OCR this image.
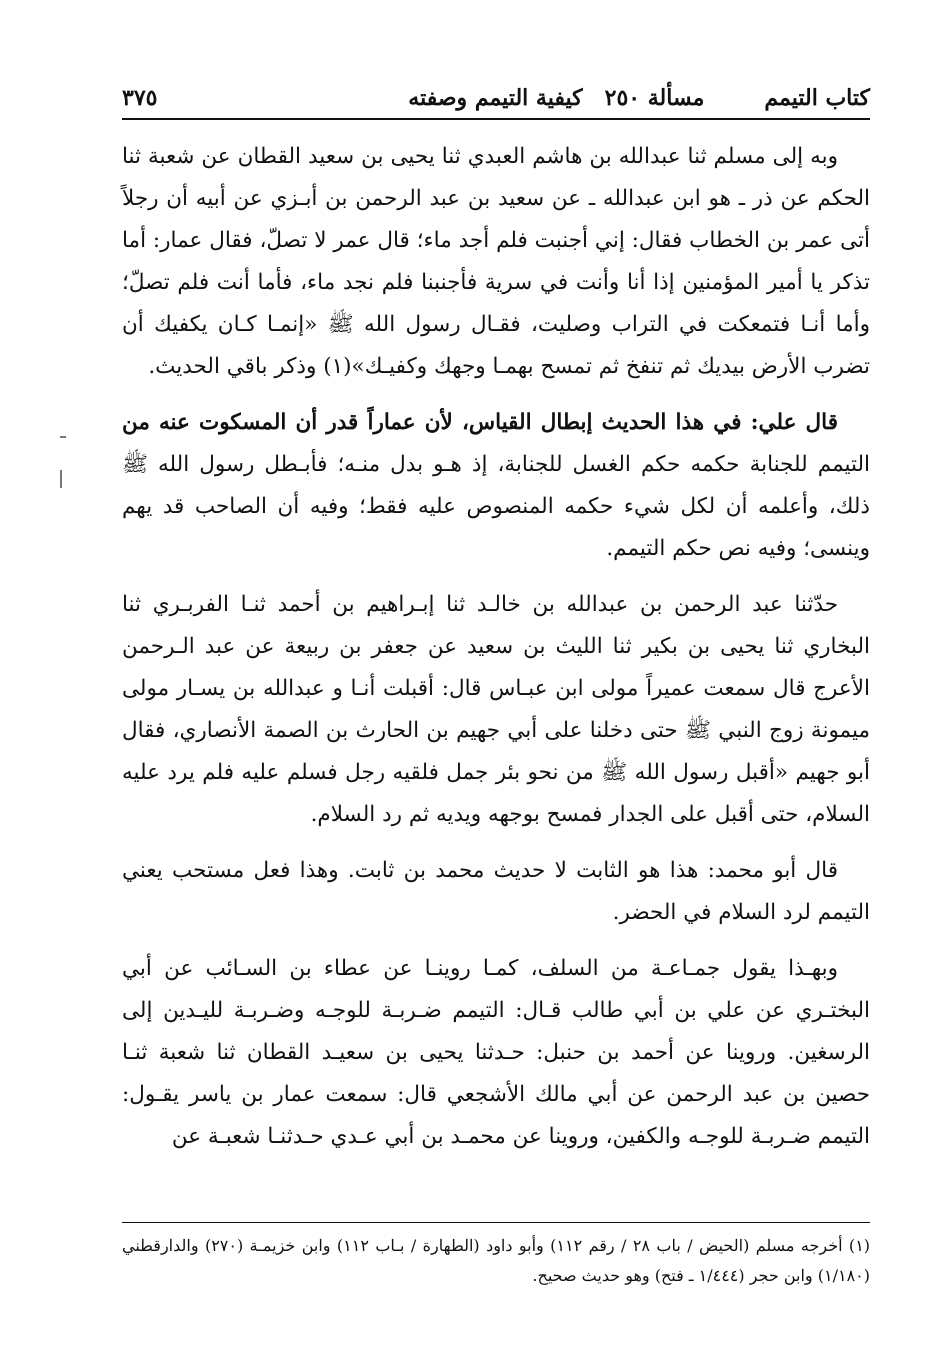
كتاب التيمم
مسألة ٢٥٠
كيفية التيمم وصفته
٣٧٥

وبه إلى مسلم ثنا عبدالله بن هاشم العبدي ثنا يحيى بن سعيد القطان عن شعبة ثنا الحكم عن ذر ـ هو ابن عبدالله ـ عن سعيد بن عبد الرحمن بن أبـزي عن أبيه أن رجلاً أتى عمر بن الخطاب فقال: إني أجنبت فلم أجد ماء؛ قال عمر لا تصلّ، فقال عمار: أما تذكر يا أمير المؤمنين إذا أنا وأنت في سرية فأجنبنا فلم نجد ماء، فأما أنت فلم تصلّ؛ وأما أنـا فتمعكت في التراب وصليت، فقـال رسول الله ﷺ «إنمـا كـان يكفيك أن تضرب الأرض بيديك ثم تنفخ ثم تمسح بهمـا وجهك وكفيـك»(١) وذكر باقي الحديث.

قال علي: في هذا الحديث إبطال القياس، لأن عماراً قدر أن المسكوت عنه من التيمم للجنابة حكمه حكم الغسل للجنابة، إذ هـو بدل منـه؛ فأبـطل رسول الله ﷺ ذلك، وأعلمه أن لكل شيء حكمه المنصوص عليه فقط؛ وفيه أن الصاحب قد يهم وينسى؛ وفيه نص حكم التيمم.

حدّثنا عبد الرحمن بن عبدالله بن خالـد ثنا إبـراهيم بن أحمد ثنـا الفربـري ثنا البخاري ثنا يحيى بن بكير ثنا الليث بن سعيد عن جعفر بن ربيعة عن عبد الـرحمن الأعرج قال سمعت عميراً مولى ابن عبـاس قال: أقبلت أنـا و عبدالله بن يسـار مولى ميمونة زوج النبي ﷺ حتى دخلنا على أبي جهيم بن الحارث بن الصمة الأنصاري، فقال أبو جهيم «أقبل رسول الله ﷺ من نحو بئر جمل فلقيه رجل فسلم عليه فلم يرد عليه السلام، حتى أقبل على الجدار فمسح بوجهه ويديه ثم رد السلام.

قال أبو محمد: هذا هو الثابت لا حديث محمد بن ثابت. وهذا فعل مستحب يعني التيمم لرد السلام في الحضر.

وبهـذا يقول جمـاعـة من السلف، كمـا روينـا عن عطاء بن السـائب عن أبي البختـري عن علي بن أبي طالب قـال: التيمم ضـربـة للوجـه وضـربـة لليـدين إلى الرسغين. وروينا عن أحمد بن حنبل: حـدثنا يحيى بن سعيـد القطان ثنا شعبة ثنـا حصين بن عبد الرحمن عن أبي مالك الأشجعي قال: سمعت عمار بن ياسر يقـول: التيمم ضـربـة للوجـه والكفين، وروينا عن محمـد بن أبي عـدي حـدثنـا شعبـة عن

(١) أخرجه مسلم (الحيض / باب ٢٨ / رقم ١١٢) وأبو داود (الطهارة / بـاب ١١٢) وابن خزيمـة (٢٧٠) والدارقطني (١/١٨٠) وابن حجر (١/٤٤٤ ـ فتح) وهو حديث صحيح.
